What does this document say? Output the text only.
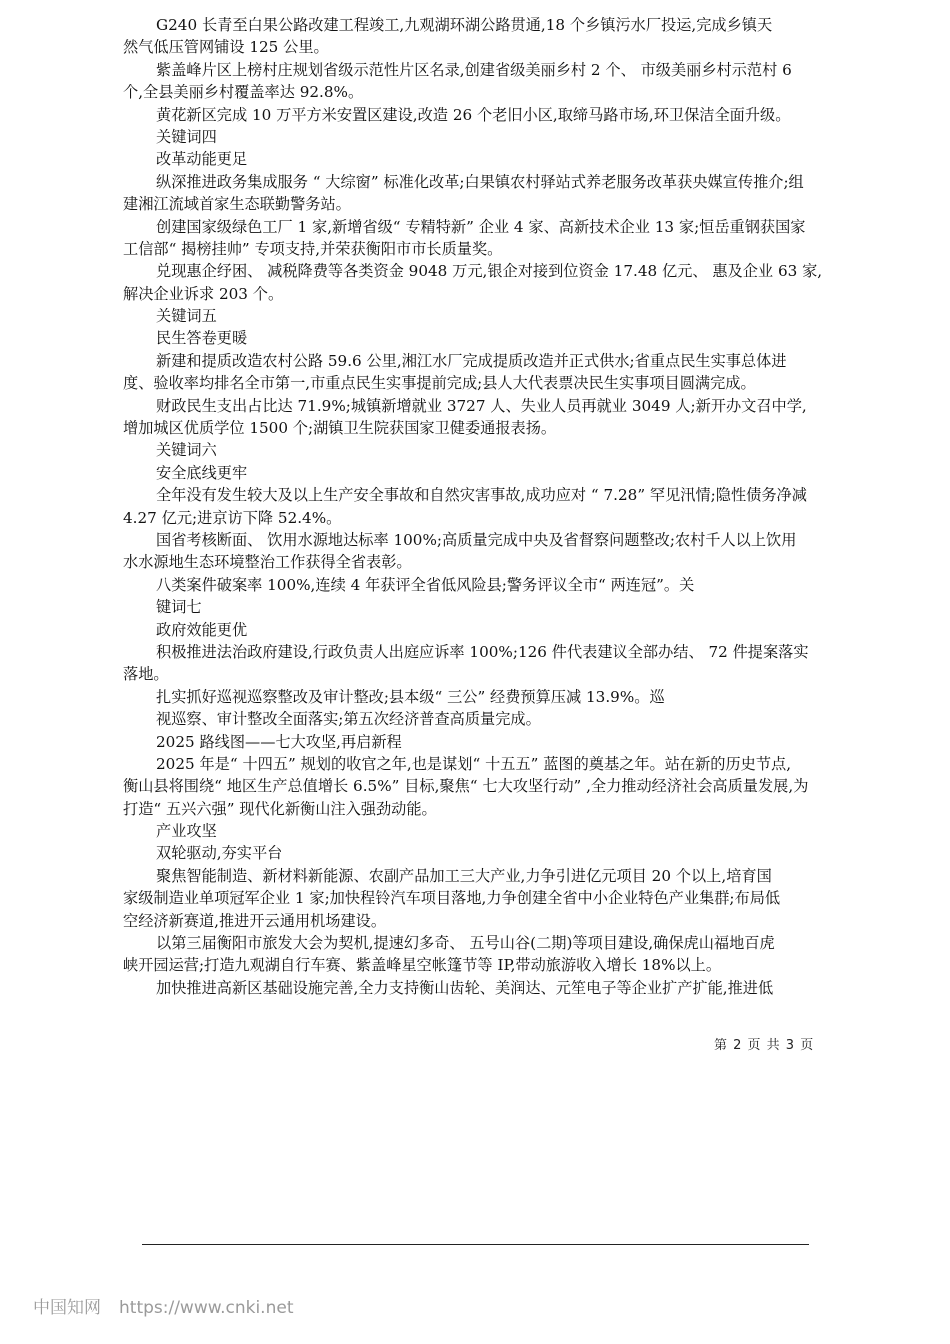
G240 长青至白果公路改建工程竣工,九观湖环湖公路贯通,18 个乡镇污水厂投运,完成乡镇天
然气低压管网铺设 125 公里。
紫盖峰片区上榜村庄规划省级示范性片区名录,创建省级美丽乡村 2 个、 市级美丽乡村示范村 6
个,全县美丽乡村覆盖率达 92.8%。
黄花新区完成 10 万平方米安置区建设,改造 26 个老旧小区,取缔马路市场,环卫保洁全面升级。
关键词四
改革动能更足
纵深推进政务集成服务 “ 大综窗” 标准化改革;白果镇农村驿站式养老服务改革获央媒宣传推介;组
建湘江流域首家生态联勤警务站。
创建国家级绿色工厂 1 家,新增省级“ 专精特新” 企业 4 家、高新技术企业 13 家;恒岳重钢获国家
工信部“ 揭榜挂帅” 专项支持,并荣获衡阳市市长质量奖。
兑现惠企纾困、 减税降费等各类资金 9048 万元,银企对接到位资金 17.48 亿元、 惠及企业 63 家,
解决企业诉求 203 个。
关键词五
民生答卷更暖
新建和提质改造农村公路 59.6 公里,湘江水厂完成提质改造并正式供水;省重点民生实事总体进
度、验收率均排名全市第一,市重点民生实事提前完成;县人大代表票决民生实事项目圆满完成。
财政民生支出占比达 71.9%;城镇新增就业 3727 人、失业人员再就业 3049 人;新开办文召中学,
增加城区优质学位 1500 个;湖镇卫生院获国家卫健委通报表扬。
关键词六
安全底线更牢
全年没有发生较大及以上生产安全事故和自然灾害事故,成功应对 “ 7.28” 罕见汛情;隐性债务净减
4.27 亿元;进京访下降 52.4%。
国省考核断面、 饮用水源地达标率 100%;高质量完成中央及省督察问题整改;农村千人以上饮用
水水源地生态环境整治工作获得全省表彰。
八类案件破案率 100%,连续 4 年获评全省低风险县;警务评议全市“ 两连冠”。关
键词七
政府效能更优
积极推进法治政府建设,行政负责人出庭应诉率 100%;126 件代表建议全部办结、 72 件提案落实
落地。
扎实抓好巡视巡察整改及审计整改;县本级“ 三公” 经费预算压减 13.9%。巡
视巡察、审计整改全面落实;第五次经济普查高质量完成。
2025 路线图——七大攻坚,再启新程
2025 年是“ 十四五” 规划的收官之年,也是谋划“ 十五五” 蓝图的奠基之年。站在新的历史节点,
衡山县将围绕“ 地区生产总值增长 6.5%” 目标,聚焦“ 七大攻坚行动” ,全力推动经济社会高质量发展,为
打造“ 五兴六强” 现代化新衡山注入强劲动能。
产业攻坚
双轮驱动,夯实平台
聚焦智能制造、新材料新能源、农副产品加工三大产业,力争引进亿元项目 20 个以上,培育国
家级制造业单项冠军企业 1 家;加快程铃汽车项目落地,力争创建全省中小企业特色产业集群;布局低
空经济新赛道,推进开云通用机场建设。
以第三届衡阳市旅发大会为契机,提速幻多奇、 五号山谷(二期)等项目建设,确保虎山福地百虎
峡开园运营;打造九观湖自行车赛、紫盖峰星空帐篷节等 IP,带动旅游收入增长 18%以上。
加快推进高新区基础设施完善,全力支持衡山齿轮、美润达、元笙电子等企业扩产扩能,推进低
第 2 页 共 3 页
中国知网 https://www.cnki.net
